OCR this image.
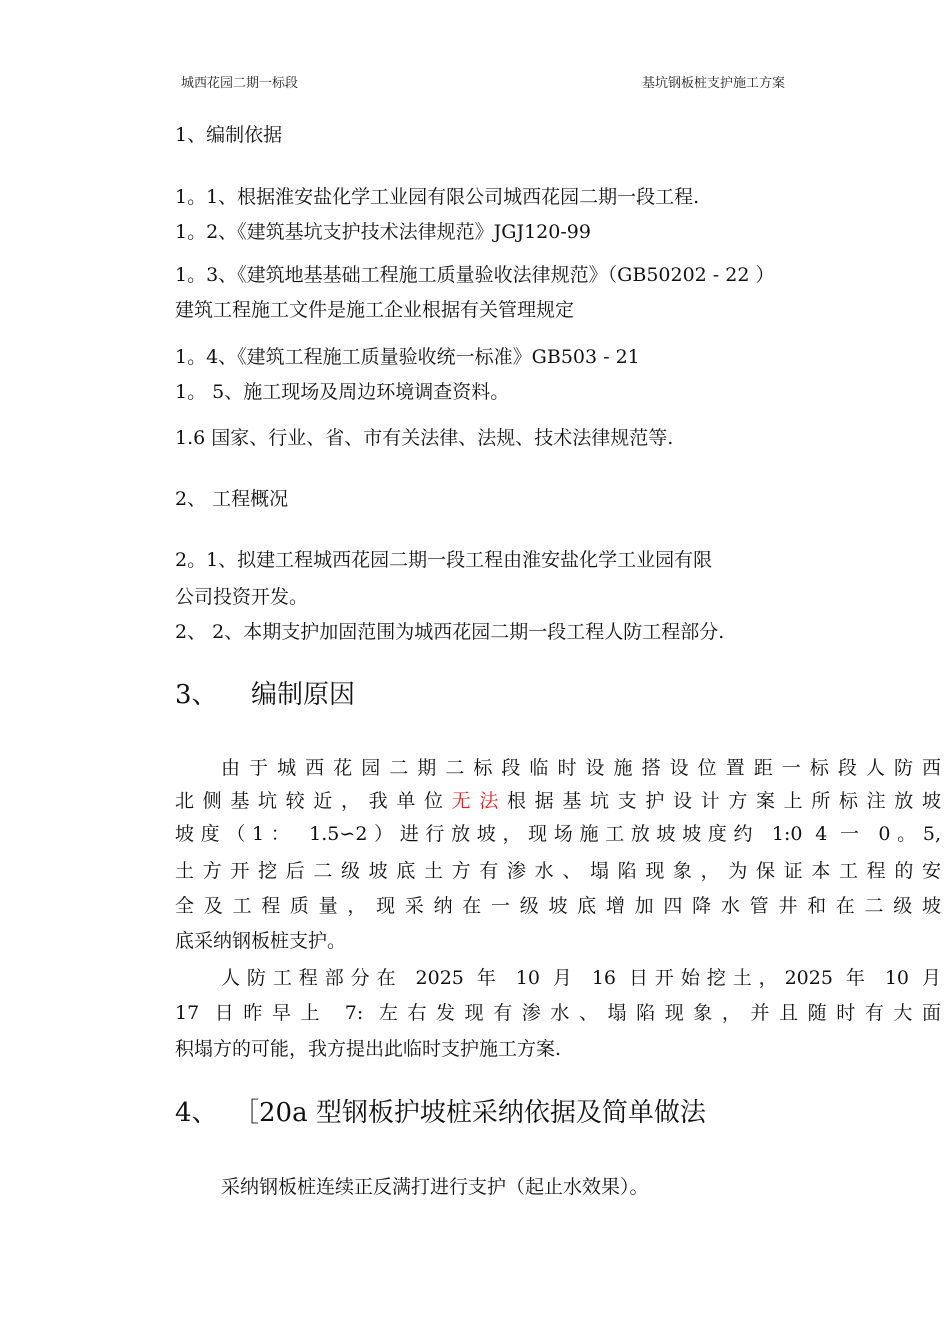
城西花园二期一标段	基坑钢板桩支护施工方案
1、编制依据
1。1、根据淮安盐化学工业园有限公司城西花园二期一段工程.
1。2、《建筑基坑支护技术法律规范》JGJ120-99
1。3、《建筑地基基础工程施工质量验收法律规范》（GB50202 - 22 ）
建筑工程施工文件是施工企业根据有关管理规定
1。4、《建筑工程施工质量验收统一标准》GB503 - 21
1。 5、施工现场及周边环境调查资料。
1.6 国家、行业、省、市有关法律、法规、技术法律规范等.
2、 工程概况
2。1、拟建工程城西花园二期一段工程由淮安盐化学工业园有限
公司投资开发。
2、 2、本期支护加固范围为城西花园二期一段工程人防工程部分.
3、 编制原因
由于城西花园二期二标段临时设施搭设位置距一标段人防西
北侧基坑较近，我单位无法根据基坑支护设计方案上所标注放坡
坡度（1： 1.5∽2）进行放坡，现场施工放坡坡度约 1:0 4 一 0。5,
土方开挖后二级坡底土方有渗水、塌陷现象，为保证本工程的安
全及工程质量，现采纳在一级坡底增加四降水管井和在二级坡
底采纳钢板桩支护。
人防工程部分在 2025 年 10 月 16 日开始挖土，2025 年 10 月
17 日昨早上 7: 左右发现有渗水、塌陷现象，并且随时有大面
积塌方的可能，我方提出此临时支护施工方案.
4、 ［20a 型钢板护坡桩采纳依据及简单做法
采纳钢板桩连续正反满打进行支护（起止水效果）。
